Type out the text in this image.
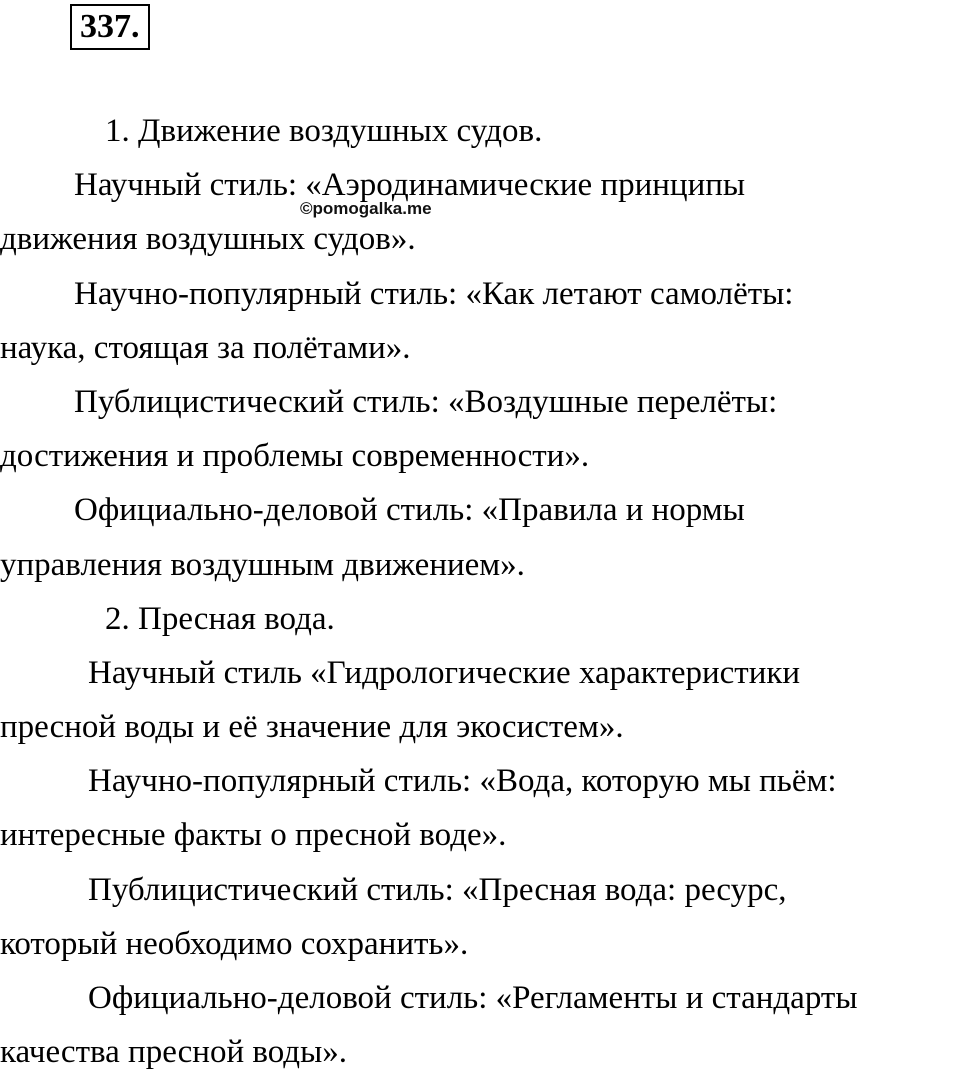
337.
©pomogalka.me
1. Движение воздушных судов.
Научный стиль: «Аэродинамические принципы
движения воздушных судов».
Научно-популярный стиль: «Как летают самолёты:
наука, стоящая за полётами».
Публицистический стиль: «Воздушные перелёты:
достижения и проблемы современности».
Официально-деловой стиль: «Правила и нормы
управления воздушным движением».
2. Пресная вода.
Научный стиль «Гидрологические характеристики
пресной воды и её значение для экосистем».
Научно-популярный стиль: «Вода, которую мы пьём:
интересные факты о пресной воде».
Публицистический стиль: «Пресная вода: ресурс,
который необходимо сохранить».
Официально-деловой стиль: «Регламенты и стандарты
качества пресной воды».
